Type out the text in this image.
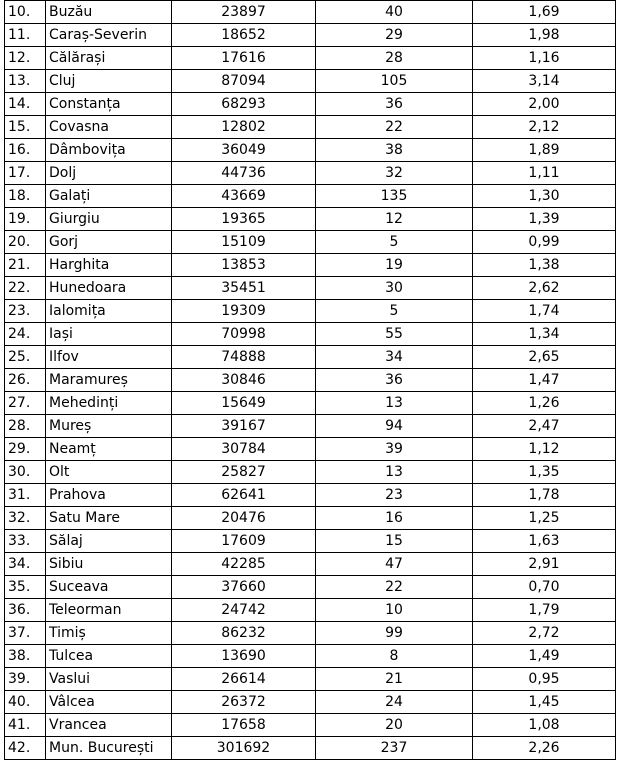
10.	Buzău	23897	40	1,69
11.	Caraș-Severin	18652	29	1,98
12.	Călărași	17616	28	1,16
13.	Cluj	87094	105	3,14
14.	Constanța	68293	36	2,00
15.	Covasna	12802	22	2,12
16.	Dâmbovița	36049	38	1,89
17.	Dolj	44736	32	1,11
18.	Galați	43669	135	1,30
19.	Giurgiu	19365	12	1,39
20.	Gorj	15109	5	0,99
21.	Harghita	13853	19	1,38
22.	Hunedoara	35451	30	2,62
23.	Ialomița	19309	5	1,74
24.	Iași	70998	55	1,34
25.	Ilfov	74888	34	2,65
26.	Maramureș	30846	36	1,47
27.	Mehedinți	15649	13	1,26
28.	Mureș	39167	94	2,47
29.	Neamț	30784	39	1,12
30.	Olt	25827	13	1,35
31.	Prahova	62641	23	1,78
32.	Satu Mare	20476	16	1,25
33.	Sălaj	17609	15	1,63
34.	Sibiu	42285	47	2,91
35.	Suceava	37660	22	0,70
36.	Teleorman	24742	10	1,79
37.	Timiș	86232	99	2,72
38.	Tulcea	13690	8	1,49
39.	Vaslui	26614	21	0,95
40.	Vâlcea	26372	24	1,45
41.	Vrancea	17658	20	1,08
42.	Mun. București	301692	237	2,26
